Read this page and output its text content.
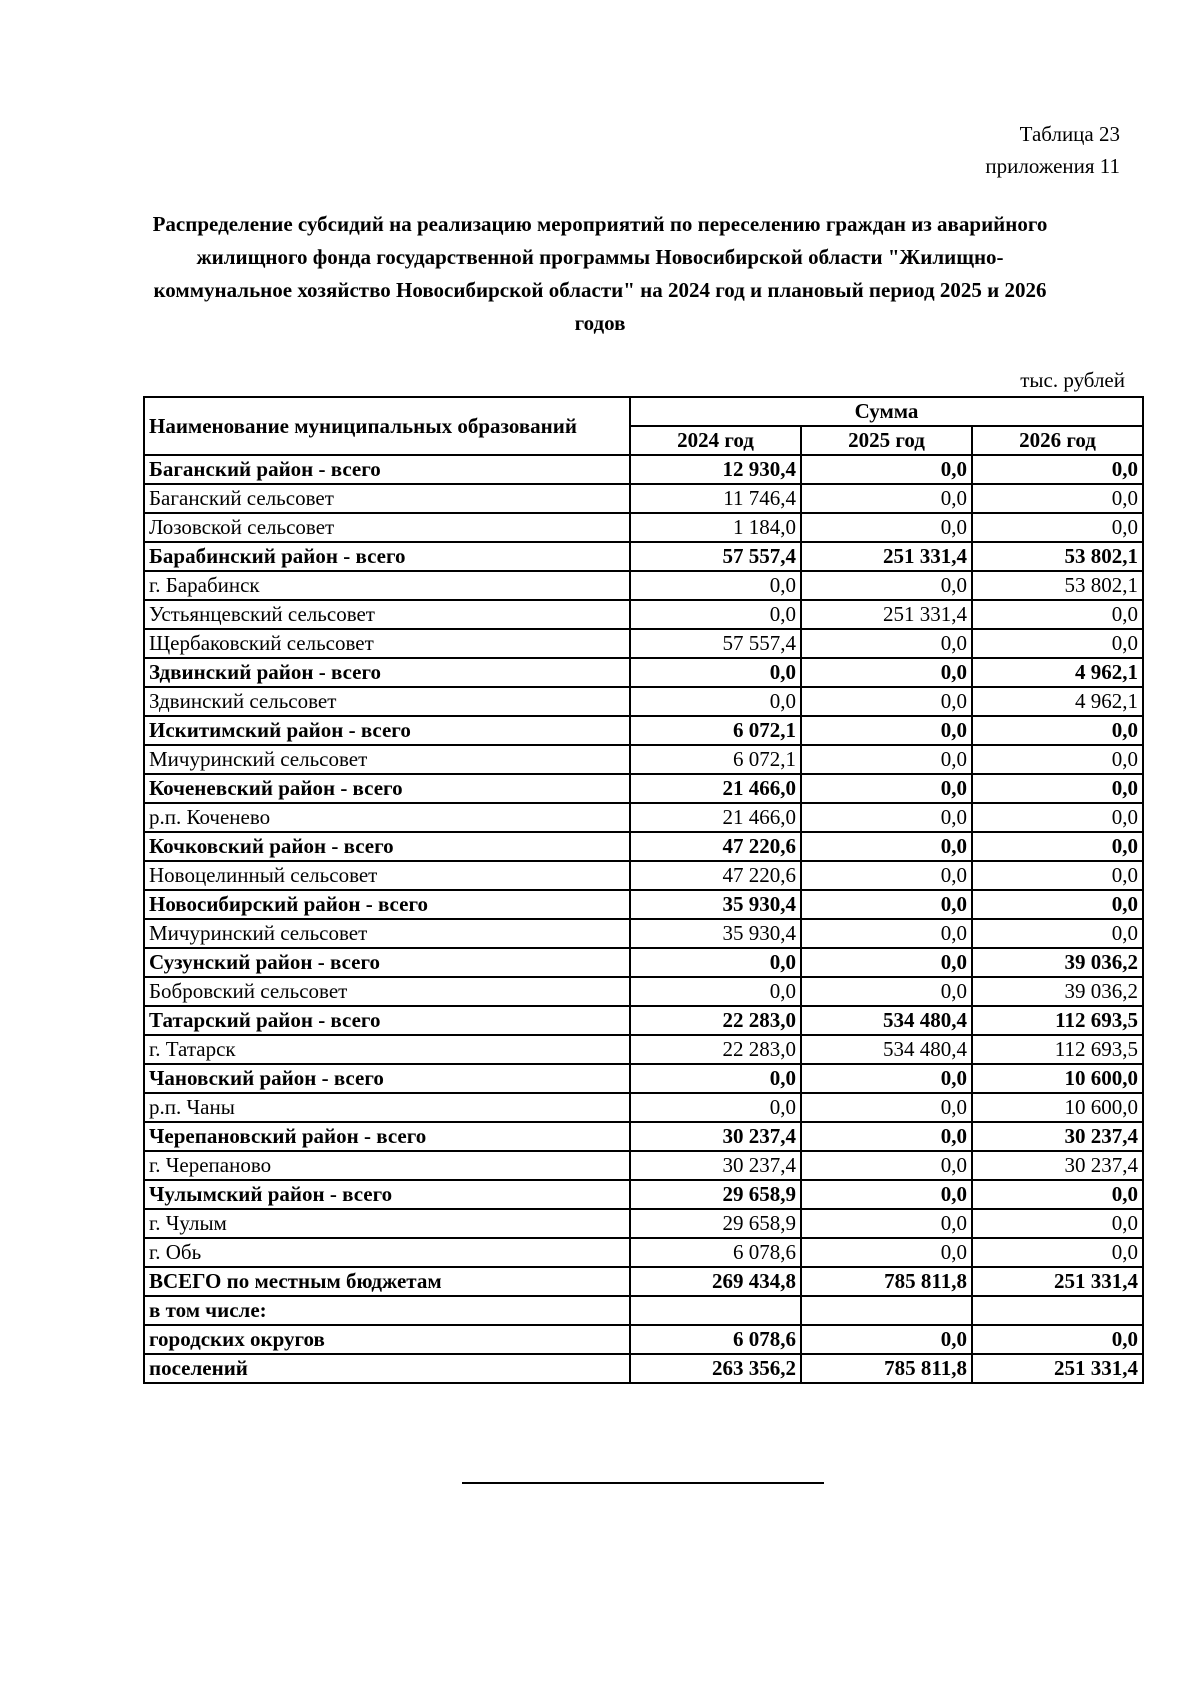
Таблица 23
приложения 11
Распределение субсидий на реализацию мероприятий по переселению граждан из аварийного жилищного фонда государственной программы Новосибирской области "Жилищно-коммунальное хозяйство Новосибирской области" на 2024 год и плановый период 2025 и 2026 годов
тыс. рублей
Наименование муниципальных образований	Сумма		
	2024 год	2025 год	2026 год
Баганский район - всего	12 930,4	0,0	0,0
Баганский сельсовет	11 746,4	0,0	0,0
Лозовской сельсовет	1 184,0	0,0	0,0
Барабинский район - всего	57 557,4	251 331,4	53 802,1
г. Барабинск	0,0	0,0	53 802,1
Устьянцевский сельсовет	0,0	251 331,4	0,0
Щербаковский сельсовет	57 557,4	0,0	0,0
Здвинский район - всего	0,0	0,0	4 962,1
Здвинский сельсовет	0,0	0,0	4 962,1
Искитимский район - всего	6 072,1	0,0	0,0
Мичуринский сельсовет	6 072,1	0,0	0,0
Коченевский район - всего	21 466,0	0,0	0,0
р.п. Коченево	21 466,0	0,0	0,0
Кочковский район - всего	47 220,6	0,0	0,0
Новоцелинный сельсовет	47 220,6	0,0	0,0
Новосибирский район - всего	35 930,4	0,0	0,0
Мичуринский сельсовет	35 930,4	0,0	0,0
Сузунский район - всего	0,0	0,0	39 036,2
Бобровский сельсовет	0,0	0,0	39 036,2
Татарский район - всего	22 283,0	534 480,4	112 693,5
г. Татарск	22 283,0	534 480,4	112 693,5
Чановский район - всего	0,0	0,0	10 600,0
р.п. Чаны	0,0	0,0	10 600,0
Черепановский район - всего	30 237,4	0,0	30 237,4
г. Черепаново	30 237,4	0,0	30 237,4
Чулымский район - всего	29 658,9	0,0	0,0
г. Чулым	29 658,9	0,0	0,0
г. Обь	6 078,6	0,0	0,0
ВСЕГО по местным бюджетам	269 434,8	785 811,8	251 331,4
в том числе:			
городских округов	6 078,6	0,0	0,0
поселений	263 356,2	785 811,8	251 331,4
